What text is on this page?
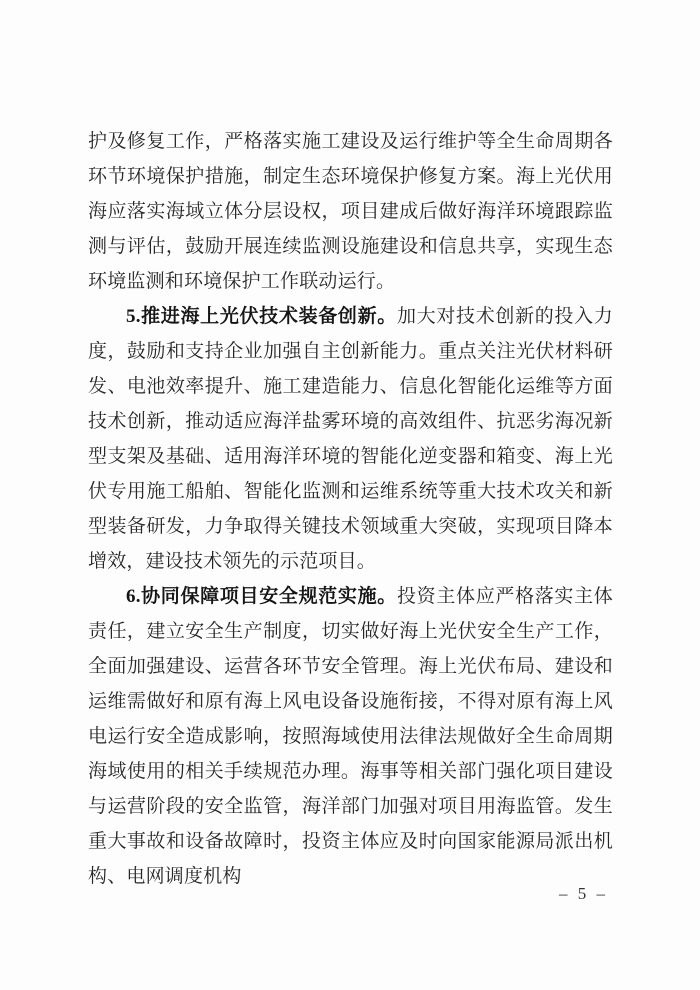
护及修复工作，严格落实施工建设及运行维护等全生命周期各环节环境保护措施，制定生态环境保护修复方案。海上光伏用海应落实海域立体分层设权，项目建成后做好海洋环境跟踪监测与评估，鼓励开展连续监测设施建设和信息共享，实现生态环境监测和环境保护工作联动运行。

5.推进海上光伏技术装备创新。加大对技术创新的投入力度，鼓励和支持企业加强自主创新能力。重点关注光伏材料研发、电池效率提升、施工建造能力、信息化智能化运维等方面技术创新，推动适应海洋盐雾环境的高效组件、抗恶劣海况新型支架及基础、适用海洋环境的智能化逆变器和箱变、海上光伏专用施工船舶、智能化监测和运维系统等重大技术攻关和新型装备研发，力争取得关键技术领域重大突破，实现项目降本增效，建设技术领先的示范项目。

6.协同保障项目安全规范实施。投资主体应严格落实主体责任，建立安全生产制度，切实做好海上光伏安全生产工作，全面加强建设、运营各环节安全管理。海上光伏布局、建设和运维需做好和原有海上风电设备设施衔接，不得对原有海上风电运行安全造成影响，按照海域使用法律法规做好全生命周期海域使用的相关手续规范办理。海事等相关部门强化项目建设与运营阶段的安全监管，海洋部门加强对项目用海监管。发生重大事故和设备故障时，投资主体应及时向国家能源局派出机构、电网调度机构

– 5 –
